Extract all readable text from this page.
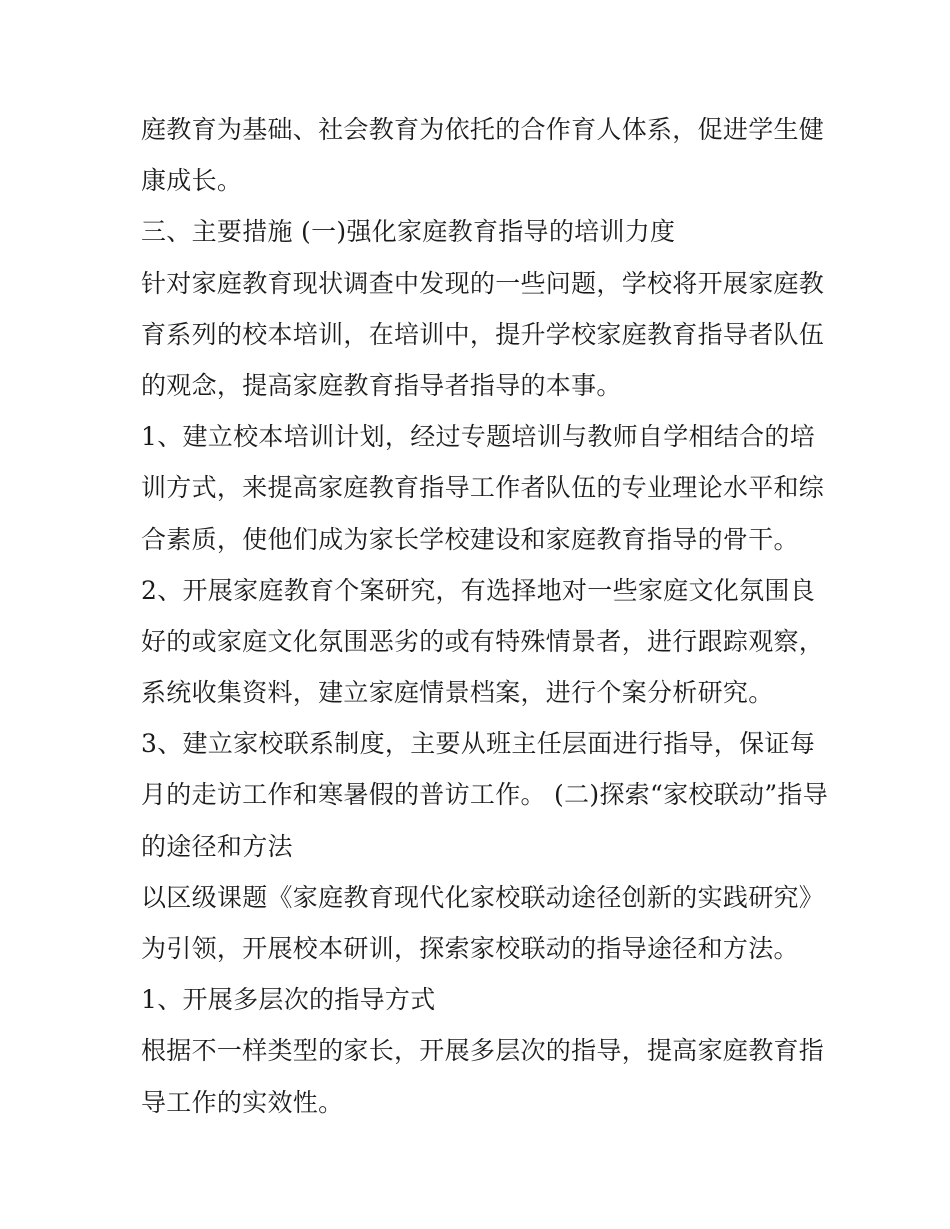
庭教育为基础、社会教育为依托的合作育人体系，促进学生健
康成长。
三、主要措施 (一)强化家庭教育指导的培训力度
针对家庭教育现状调查中发现的一些问题，学校将开展家庭教
育系列的校本培训，在培训中，提升学校家庭教育指导者队伍
的观念，提高家庭教育指导者指导的本事。
1、建立校本培训计划，经过专题培训与教师自学相结合的培
训方式，来提高家庭教育指导工作者队伍的专业理论水平和综
合素质，使他们成为家长学校建设和家庭教育指导的骨干。
2、开展家庭教育个案研究，有选择地对一些家庭文化氛围良
好的或家庭文化氛围恶劣的或有特殊情景者，进行跟踪观察，
系统收集资料，建立家庭情景档案，进行个案分析研究。
3、建立家校联系制度，主要从班主任层面进行指导，保证每
月的走访工作和寒暑假的普访工作。 (二)探索“家校联动”指导
的途径和方法
以区级课题《家庭教育现代化家校联动途径创新的实践研究》
为引领，开展校本研训，探索家校联动的指导途径和方法。
1、开展多层次的指导方式
根据不一样类型的家长，开展多层次的指导，提高家庭教育指
导工作的实效性。
